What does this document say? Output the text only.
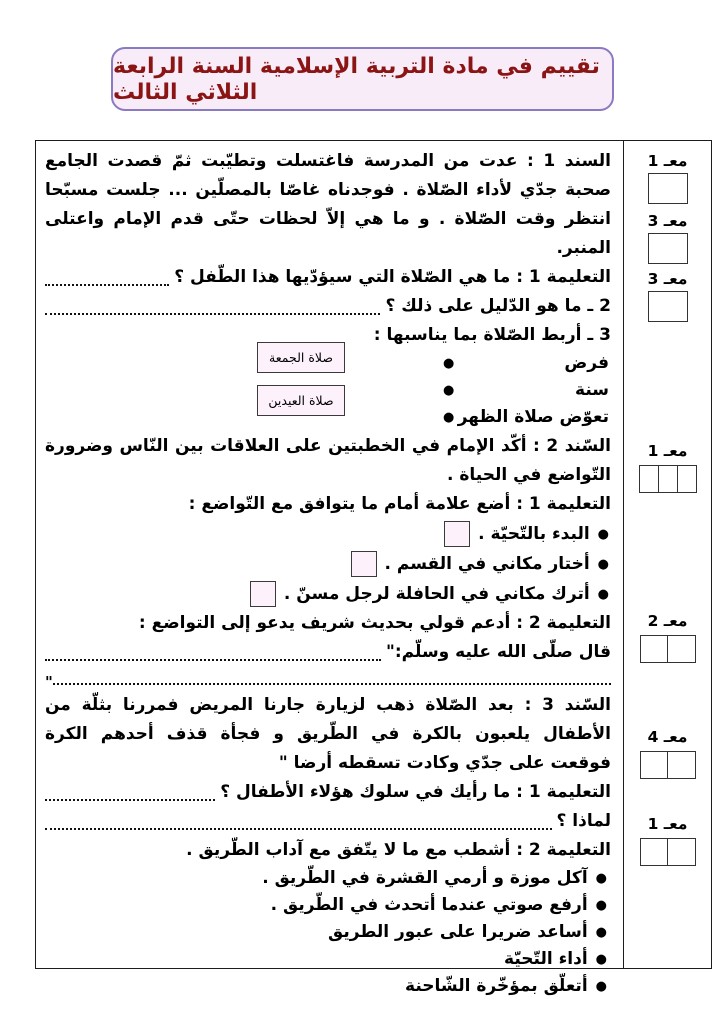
تقييم في مادة التربية الإسلامية السنة الرابعة الثلاثي الثالث

السند 1 : عدت من المدرسة فاغتسلت وتطيّبت ثمّ قصدت الجامع صحبة جدّي لأداء الصّلاة . فوجدناه غاصّا بالمصلّين ... جلست مسبّحا انتظر وقت الصّلاة . و ما هي إلاّ لحظات حتّى قدم الإمام واعتلى المنبر.

التعليمة 1 : ما هي الصّلاة التي سيؤدّيها هذا الطّفل ؟
2 ـ ما هو الدّليل على ذلك ؟

3 ـ أربط الصّلاة بما يناسبها :

فرض
●
سنة
●
تعوّض صلاة الظهر
●
صلاة الجمعة
صلاة العيدين

السّند 2 : أكّد الإمام في الخطبتين على العلاقات بين النّاس وضرورة التّواضع في الحياة .

التعليمة 1 : أضع علامة أمام ما يتوافق مع التّواضع :

●
البدء بالتّحيّة .
●
أختار مكاني في القسم .
●
أترك مكاني في الحافلة لرجل مسنّ .

التعليمة 2 : أدعم قولي بحديث شريف يدعو إلى التواضع :

قال صلّى الله عليه وسلّم:"
"

السّند 3 : بعد الصّلاة ذهب لزيارة جارنا المريض فمررنا بثلّة من الأطفال يلعبون بالكرة في الطّريق و فجأة قذف أحدهم الكرة فوقعت على جدّي وكادت تسقطه أرضا "

التعليمة 1 : ما رأيك في سلوك هؤلاء الأطفال ؟
لماذا ؟

التعليمة 2 : أشطب مع ما لا يتّفق مع آداب الطّريق .

●
آكل موزة و أرمي القشرة في الطّريق .
●
أرفع صوتي عندما أتحدث في الطّريق .
●
أساعد ضريرا على عبور الطريق
●
أداء التّحيّة
●
أتعلّق بمؤخّرة الشّاحنة
معـ 1
معـ 3
معـ 3
معـ 1
معـ 2
معـ 4
معـ 1
